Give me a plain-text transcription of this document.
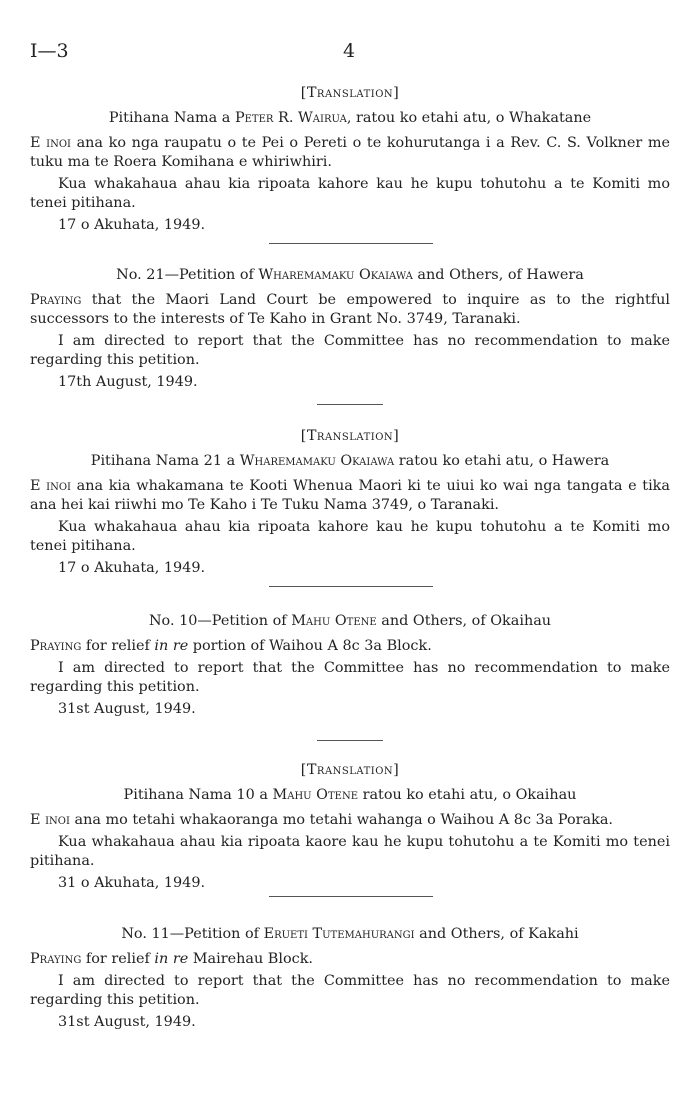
I—3	4
[Translation]
Pitihana Nama a Peter R. Wairua, ratou ko etahi atu, o Whakatane
E inoi ana ko nga raupatu o te Pei o Pereti o te kohurutanga i a Rev. C. S. Volkner me tuku ma te Roera Komihana e whiriwhiri.
Kua whakahaua ahau kia ripoata kahore kau he kupu tohutohu a te Komiti mo tenei pitihana.
17 o Akuhata, 1949.
No. 21—Petition of Wharemamaku Okaiawa and Others, of Hawera
Praying that the Maori Land Court be empowered to inquire as to the rightful successors to the interests of Te Kaho in Grant No. 3749, Taranaki.
I am directed to report that the Committee has no recommendation to make regarding this petition.
17th August, 1949.
[Translation]
Pitihana Nama 21 a Wharemamaku Okaiawa ratou ko etahi atu, o Hawera
E inoi ana kia whakamana te Kooti Whenua Maori ki te uiui ko wai nga tangata e tika ana hei kai riiwhi mo Te Kaho i Te Tuku Nama 3749, o Taranaki.
Kua whakahaua ahau kia ripoata kahore kau he kupu tohutohu a te Komiti mo tenei pitihana.
17 o Akuhata, 1949.
No. 10—Petition of Mahu Otene and Others, of Okaihau
Praying for relief in re portion of Waihou A 8c 3a Block.
I am directed to report that the Committee has no recommendation to make regarding this petition.
31st August, 1949.
[Translation]
Pitihana Nama 10 a Mahu Otene ratou ko etahi atu, o Okaihau
E inoi ana mo tetahi whakaoranga mo tetahi wahanga o Waihou A 8c 3a Poraka.
Kua whakahaua ahau kia ripoata kaore kau he kupu tohutohu a te Komiti mo tenei pitihana.
31 o Akuhata, 1949.
No. 11—Petition of Erueti Tutemahurangi and Others, of Kakahi
Praying for relief in re Mairehau Block.
I am directed to report that the Committee has no recommendation to make regarding this petition.
31st August, 1949.
